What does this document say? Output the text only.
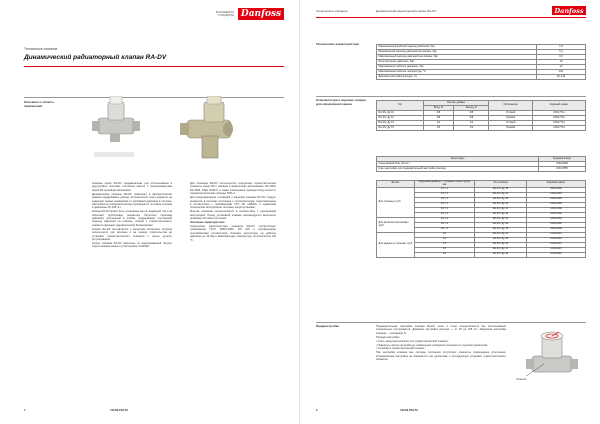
ENGINEERING
TOMORROW Danfoss
Техническое описание
Динамический радиаторный клапан RA-DV
Описание и область применения

Клапаны серии RA-DV предназначены для использования в двухтрубных системах отопления вместе с термоэлементами серии RA производства Danfoss.

Динамические клапаны RA-DV позволяют в автоматическом режиме поддерживать расход теплоносителя через радиатор на заданном уровне независимо от колебаний давления в системе. Настройка на требуемый расход производится по шкале клапана в диапазоне 25–135 л/ч.

Клапан RA-DV может быть установлен как на подающий, так и на обратный трубопровод радиатора. Регулятор перепада давлений, встроенный в клапан, поддерживает постоянный перепад давлений на клапане, снимая с термостатического элемента функцию гидравлической балансировки.

Клапан RA-DV поставляется с защитным колпачком, который используется при монтаже и на период строительства до установки термостатического элемента с целью ручного регулирования.

Корпус клапана RA-DV выполнен из никелированной латуни. Седло клапана закрыто уплотнением из EPDM.

Для клапанов RA-DV используются следующие термостатические элементы серии RA с газовым и жидкостным заполнением: RA 2000, RA 2900, RAW, RAW-K, а также электронные приводы living connect и термоэлектрические приводы TWA-A.

Для предотвращения отложений и коррозии клапаны RA-DV следует применять в системах отопления с теплоносителем, подготовленным в соответствии с требованиями СТО НП «АВОК» и правилами технической эксплуатации тепловых энергоустановок.

Монтаж клапанов осуществляется в соответствии с прилагаемой инструкцией. Перед установкой клапана рекомендуется выполнить промывку системы отопления.

Основные характеристики

Технические характеристики клапанов RA-DV соответствуют требованиям ГОСТ 30815-2002, EN 215 и подтверждены сертификатами соответствия. Клапаны рассчитаны на рабочее давление до 10 бар и максимальную температуру теплоносителя 120 °C.

1	VD.D9.P02.50
Техническое описание	Динамический радиаторный клапан RA-DV	Danfoss
Технические характеристики
Максимальный рабочий перепад давлений, бар	1,5
Минимальный перепад давлений на клапане, бар	0,1
Максимальный перепад давлений на клапане, бар	0,6
Испытательное давление, бар	16
Максимальное рабочее давление, бар	10
Максимальная рабочая температура, °C	120
Диапазон настройки расхода, л/ч	25–135
Номенклатура и кодовые номера для оформления заказа	Тип	Резьба, дюймы		Исполнение	Кодовый номер
	Вход, R	Выход, R		
RA-DV, Ду 10	3/8	3/8	Угловой	013G7711
RA-DV, Ду 10	3/8	3/8	Прямой	013G7712
RA-DV, Ду 15	1/2	1/2	Угловой	013G7713
RA-DV, Ду 15	1/2	1/2	Прямой	013G7714
Аксессуары	Кодовый номер
Сальниковый блок (10 шт.)	013G0290
Ключ настройки для предварительной настройки расхода	013G7855
Фитинг	Наружный диаметр × толщина стенки трубы, мм	Тип клапана	Кодовый номер
Для стальных труб	12 × 1	RA-DV, Ду 10	013G4182
	14 × 1	RA-DV, Ду 10	013G4184
	15 × 1	RA-DV, Ду 10	013G4185
	16 × 1	RA-DV, Ду 10	013G4186
	18 × 1	RA-DV, Ду 15	013G4188
	12 × 2	RA-DV, Ду 10	013G4162
Для металлопластиковых труб	14 × 2	RA-DV, Ду 10	013G4164
	16 × 2	RA-DV, Ду 10	013G4166
	18 × 2	RA-DV, Ду 15	013G4168
Для медных и стальных труб	10	RA-DV, Ду 10	013G4110
	12	RA-DV, Ду 10	013G4112
	14	RA-DV, Ду 10	013G4114
	15	RA-DV, Ду 15	013G4115
	16	RA-DV, Ду 15	013G4116
Преднастройка	Предварительная настройка клапана RA-DV легко и точно осуществляется без использования специальных инструментов. Диапазон настройки расхода — от 25 до 135 л/ч. Заводская настройка клапана — положение N.

Порядок настройки:

• Снять защитный колпачок или термостатический элемент;

• Повернуть шкалу настройки до совмещения требуемого значения со стрелкой-указателем;

• Установить термостатический элемент.

При настройке клапана вне системы отопления отсутствует опасность повреждения уплотнения. Установленная настройка не изменяется при демонтаже и последующей установке термостатического элемента.

Отметка
2	VD.D9.P02.50
